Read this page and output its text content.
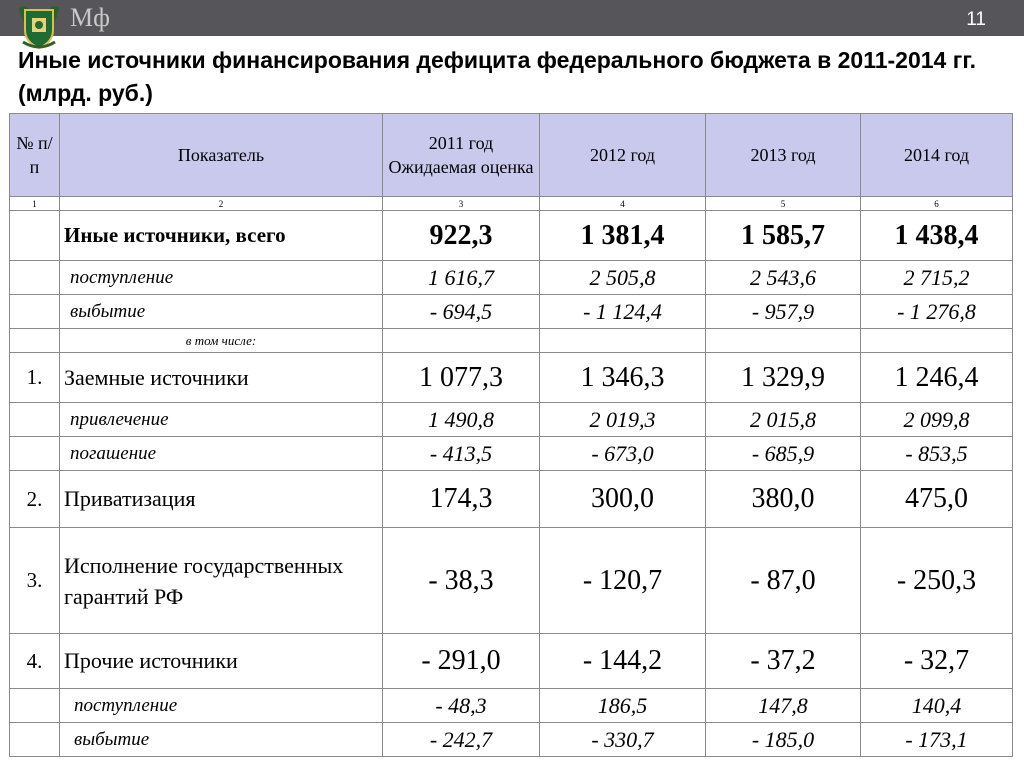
Мф	11
Иные источники финансирования дефицита федерального бюджета в 2011-2014 гг. (млрд. руб.)
№ п/п	Показатель	2011 год Ожидаемая оценка	2012 год	2013 год	2014 год
1	2	3	4	5	6
	Иные источники, всего	922,3	1 381,4	1 585,7	1 438,4
	поступление	1 616,7	2 505,8	2 543,6	2 715,2
	выбытие	- 694,5	- 1 124,4	- 957,9	- 1 276,8
	в том числе:				
1.	Заемные источники	1 077,3	1 346,3	1 329,9	1 246,4
	привлечение	1 490,8	2 019,3	2 015,8	2 099,8
	погашение	- 413,5	- 673,0	- 685,9	- 853,5
2.	Приватизация	174,3	300,0	380,0	475,0
3.	Исполнение государственных гарантий РФ	- 38,3	- 120,7	- 87,0	- 250,3
4.	Прочие источники	- 291,0	- 144,2	- 37,2	- 32,7
	поступление	- 48,3	186,5	147,8	140,4
	выбытие	- 242,7	- 330,7	- 185,0	- 173,1
